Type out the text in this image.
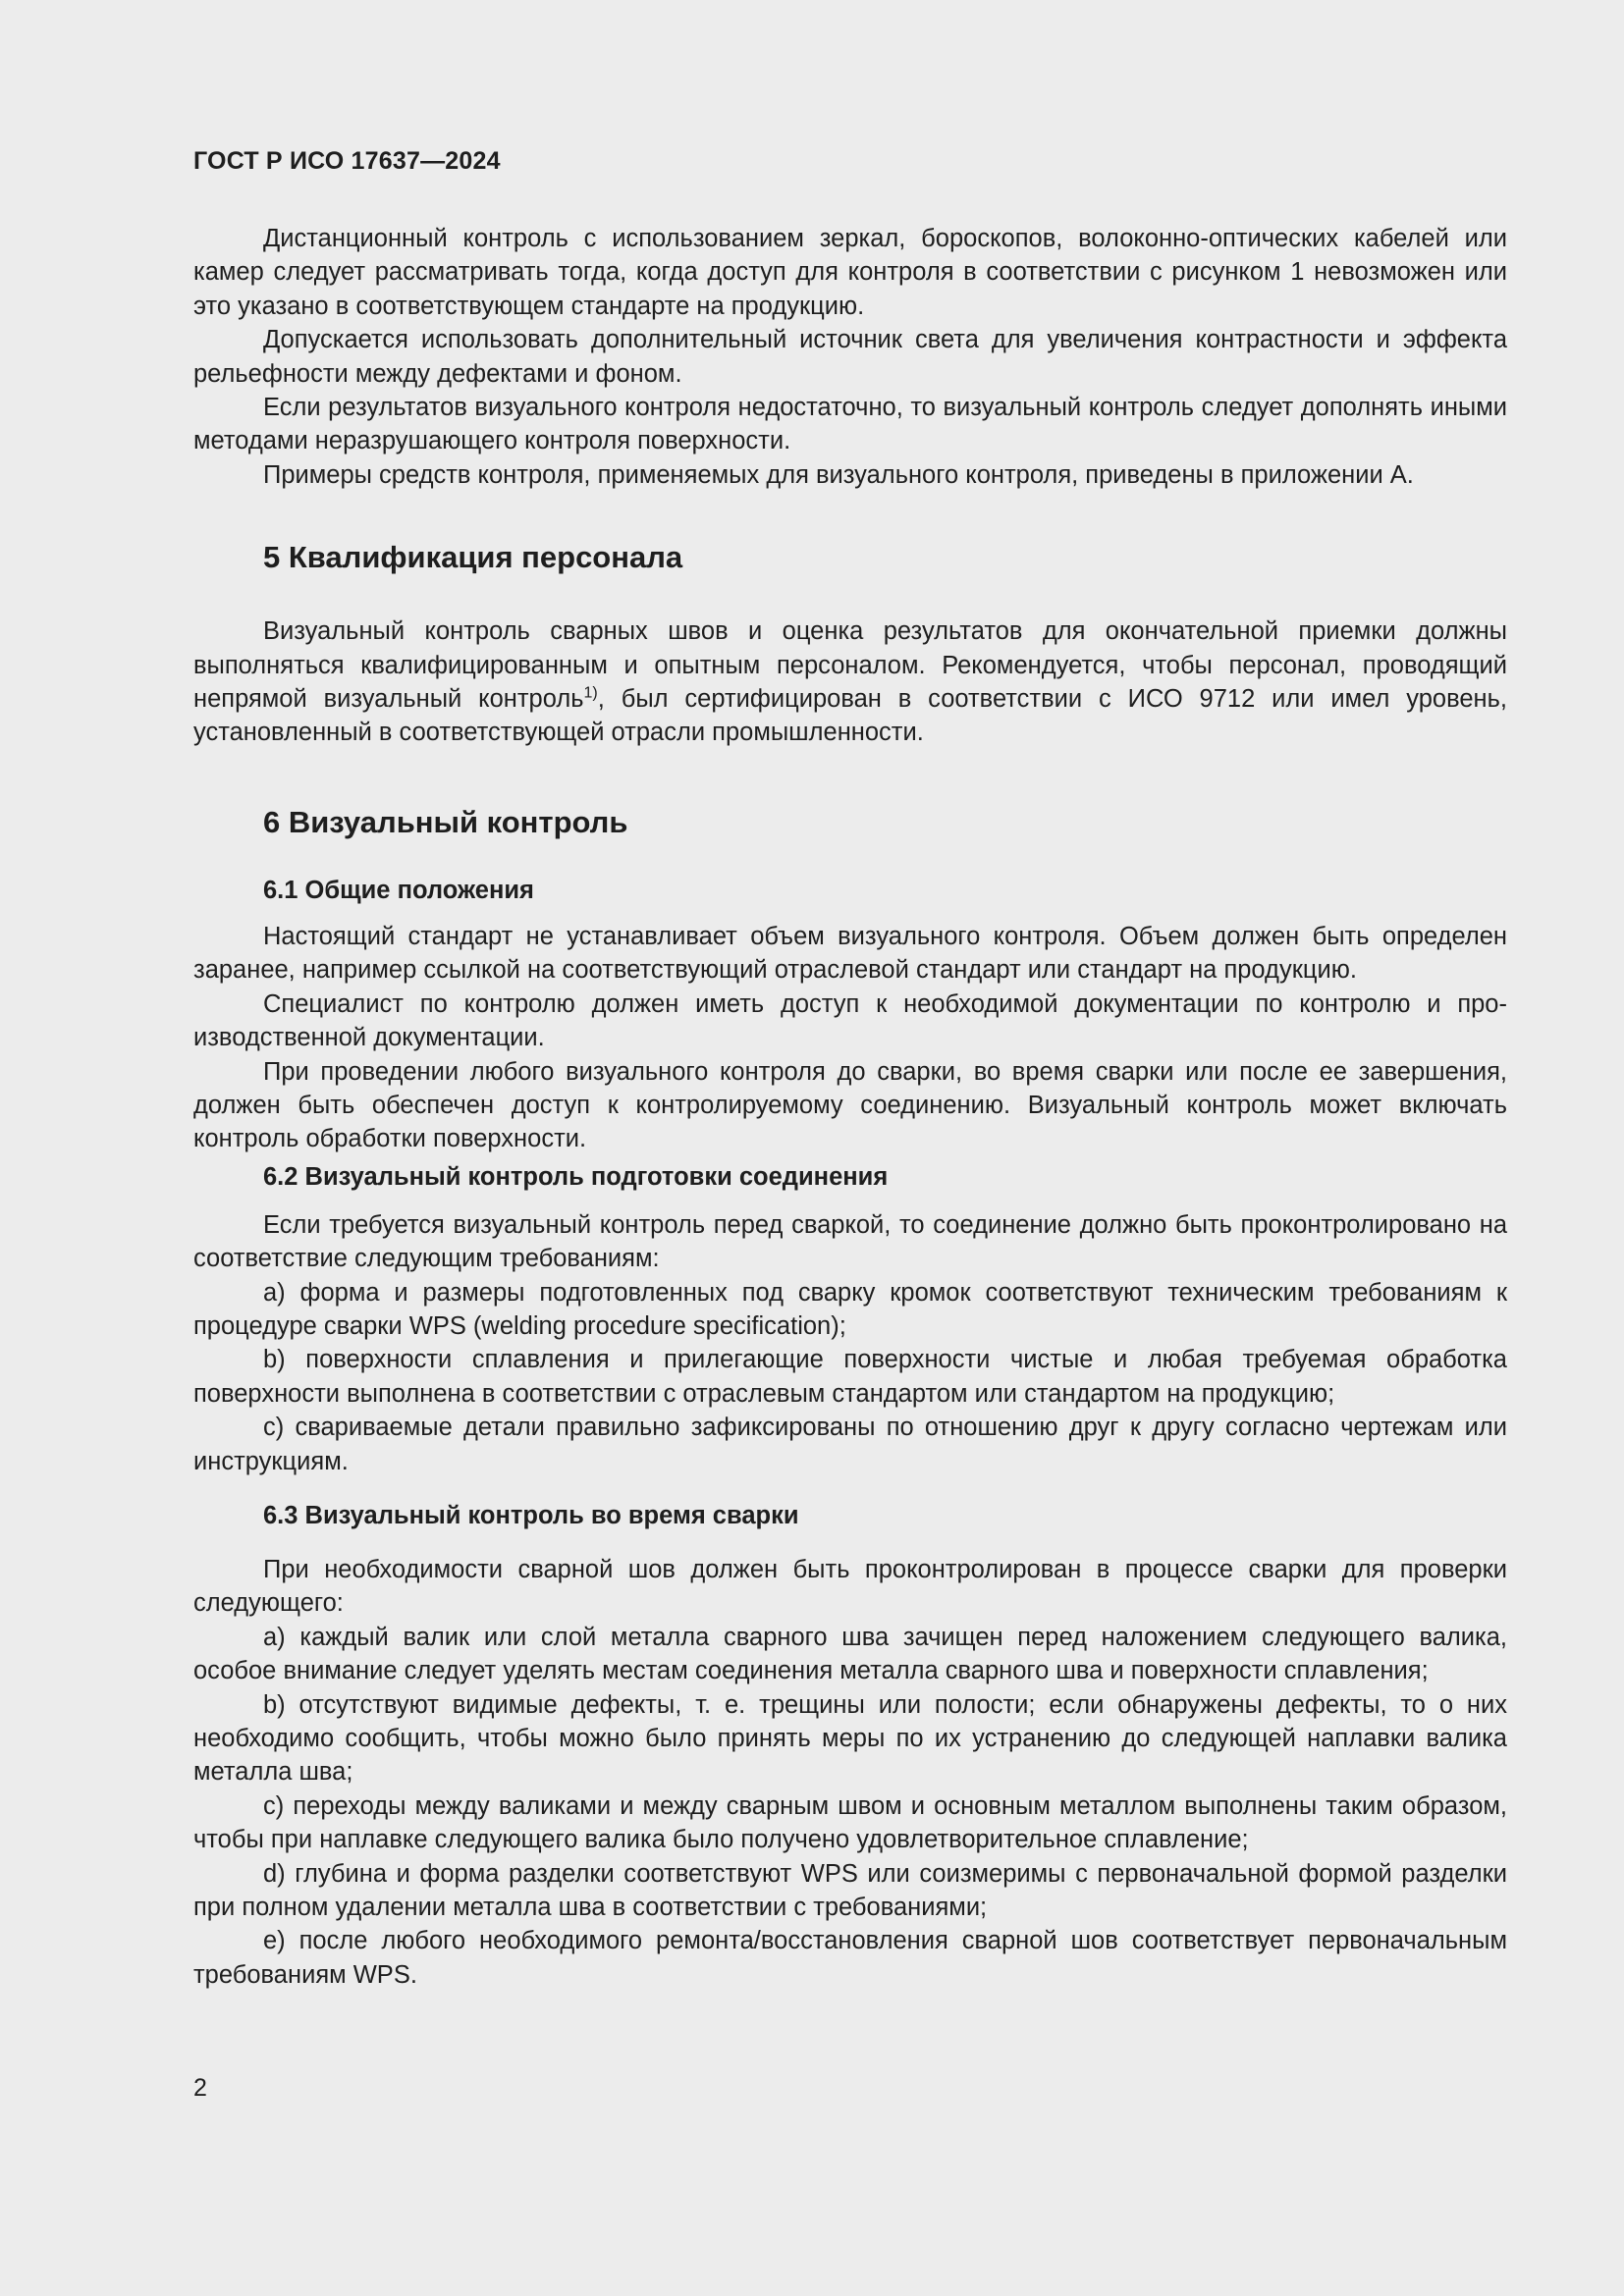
ГОСТ Р ИСО 17637—2024

Дистанционный контроль с использованием зеркал, бороскопов, волоконно-оптических кабелей или камер следует рассматривать тогда, когда доступ для контроля в соответствии с рисунком 1 невозможен или это указано в соответствующем стандарте на продукцию.

Допускается использовать дополнительный источник света для увеличения контрастности и эффекта рельефности между дефектами и фоном.

Если результатов визуального контроля недостаточно, то визуальный контроль следует дополнять иными методами неразрушающего контроля поверхности.

Примеры средств контроля, применяемых для визуального контроля, приведены в приложении А.

5 Квалификация персонала

Визуальный контроль сварных швов и оценка результатов для окончательной приемки должны выполняться квалифицированным и опытным персоналом. Рекомендуется, чтобы персонал, проводящий непрямой визуальный контроль$^{1)}$, был сертифицирован в соответствии с ИСО 9712 или имел уровень, установленный в соответствующей отрасли промышленности.

6 Визуальный контроль
6.1 Общие положения

Настоящий стандарт не устанавливает объем визуального контроля. Объем должен быть определен заранее, например ссылкой на соответствующий отраслевой стандарт или стандарт на продукцию.

Специалист по контролю должен иметь доступ к необходимой документации по контролю и производственной документации.

При проведении любого визуального контроля до сварки, во время сварки или после ее завершения, должен быть обеспечен доступ к контролируемому соединению. Визуальный контроль может включать контроль обработки поверхности.

6.2 Визуальный контроль подготовки соединения

Если требуется визуальный контроль перед сваркой, то соединение должно быть проконтролировано на соответствие следующим требованиям:

a) форма и размеры подготовленных под сварку кромок соответствуют техническим требованиям к процедуре сварки WPS (welding procedure specification);

b) поверхности сплавления и прилегающие поверхности чистые и любая требуемая обработка поверхности выполнена в соответствии с отраслевым стандартом или стандартом на продукцию;

c) свариваемые детали правильно зафиксированы по отношению друг к другу согласно чертежам или инструкциям.

6.3 Визуальный контроль во время сварки

При необходимости сварной шов должен быть проконтролирован в процессе сварки для проверки следующего:

a) каждый валик или слой металла сварного шва зачищен перед наложением следующего валика, особое внимание следует уделять местам соединения металла сварного шва и поверхности сплавления;

b) отсутствуют видимые дефекты, т. е. трещины или полости; если обнаружены дефекты, то о них необходимо сообщить, чтобы можно было принять меры по их устранению до следующей наплавки валика металла шва;

c) переходы между валиками и между сварным швом и основным металлом выполнены таким образом, чтобы при наплавке следующего валика было получено удовлетворительное сплавление;

d) глубина и форма разделки соответствуют WPS или соизмеримы с первоначальной формой разделки при полном удалении металла шва в соответствии с требованиями;

e) после любого необходимого ремонта/восстановления сварной шов соответствует первоначальным требованиям WPS.

2
